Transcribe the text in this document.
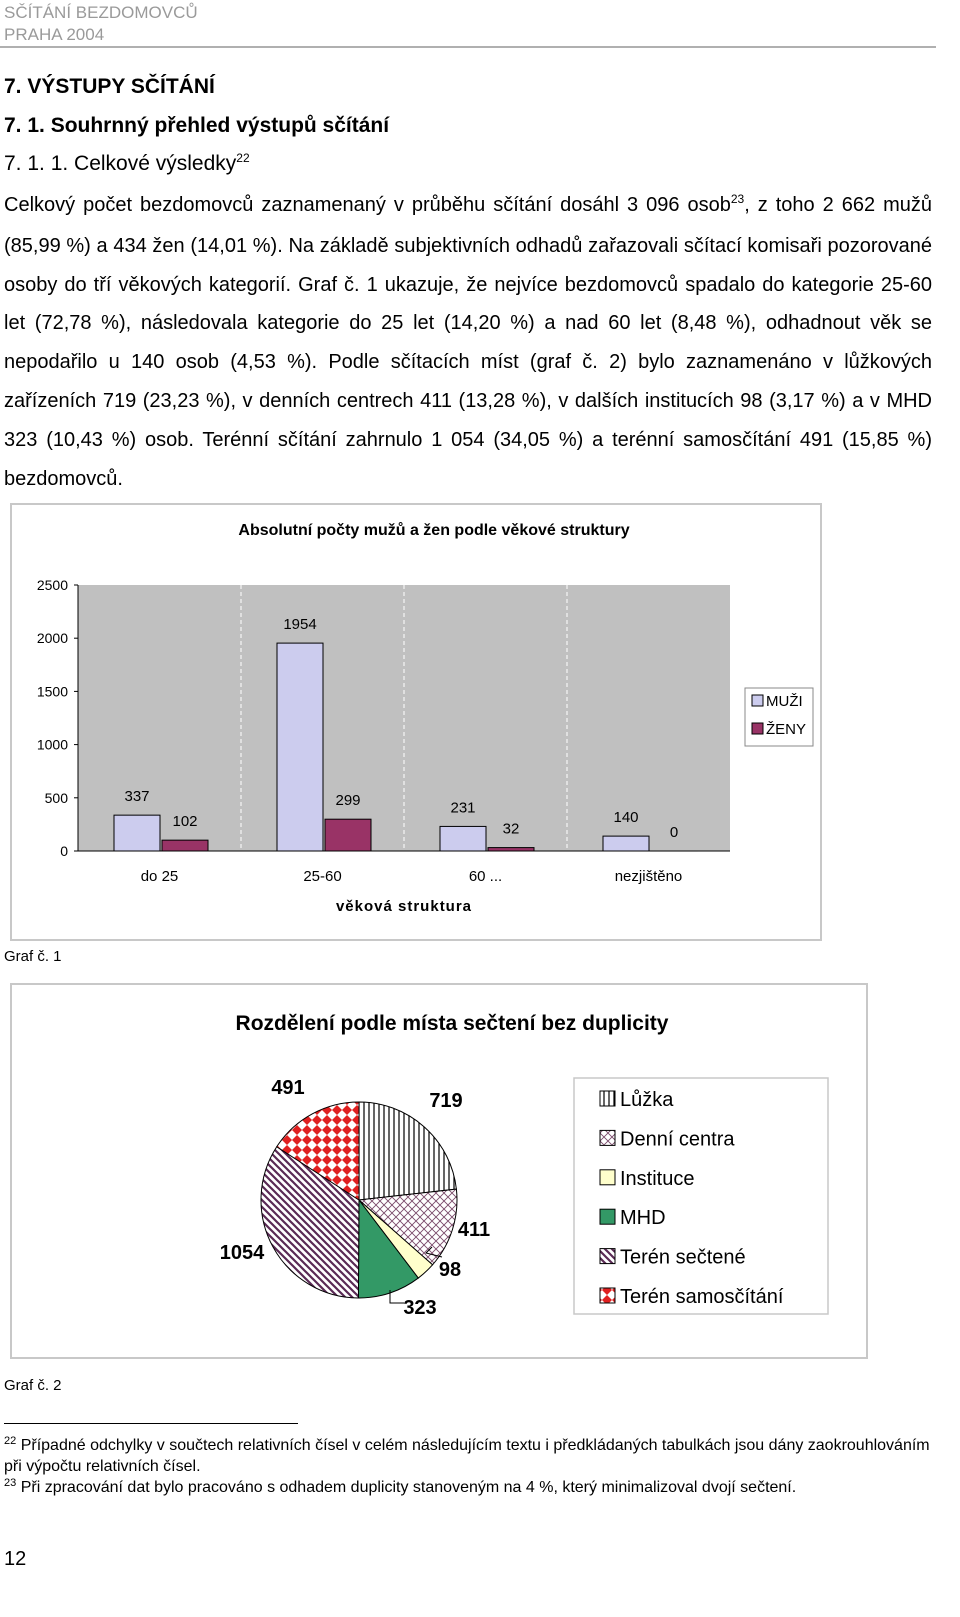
SČÍTÁNÍ BEZDOMOVCŮ
PRAHA 2004
7. VÝSTUPY SČÍTÁNÍ
7. 1. Souhrnný přehled výstupů sčítání
7. 1. 1. Celkové výsledky$^{22}$
Celkový počet bezdomovců zaznamenaný v průběhu sčítání dosáhl 3 096 osob$^{23}$, z toho 2 662 mužů (85,99 %) a 434 žen (14,01 %). Na základě subjektivních odhadů zařazovali sčítací komisaři pozorované osoby do tří věkových kategorií. Graf č. 1 ukazuje, že nejvíce bezdomovců spadalo do kategorie 25-60 let (72,78 %), následovala kategorie do 25 let (14,20 %) a nad 60 let (8,48 %), odhadnout věk se nepodařilo u 140 osob (4,53 %). Podle sčítacích míst (graf č. 2) bylo zaznamenáno v lůžkových zařízeních 719 (23,23 %), v denních centrech 411 (13,28 %), v dalších institucích 98 (3,17 %) a v MHD 323 (10,43 %) osob. Terénní sčítání zahrnulo 1 054 (34,05 %) a terénní samosčítání 491 (15,85 %) bezdomovců.
Absolutní počty mužů a žen podle věkové struktury
0
500
1000
1500
2000
2500
337
102
do 25
1954
299
25-60
231
32
60 ...
140
0
nezjištěno
věková struktura
MUŽI
ŽENY
Graf č. 1
Rozdělení podle místa sečtení bez duplicity
719
411
98
323
1054
491
Lůžka
Denní centra
Instituce
MHD
Terén sečtené
Terén samosčítání
Graf č. 2
$^{22}$ Případné odchylky v součtech relativních čísel v celém následujícím textu i předkládaných tabulkách jsou dány zaokrouhlováním při výpočtu relativních čísel.
$^{23}$ Při zpracování dat bylo pracováno s odhadem duplicity stanoveným na 4 %, který minimalizoval dvojí sečtení.
12
